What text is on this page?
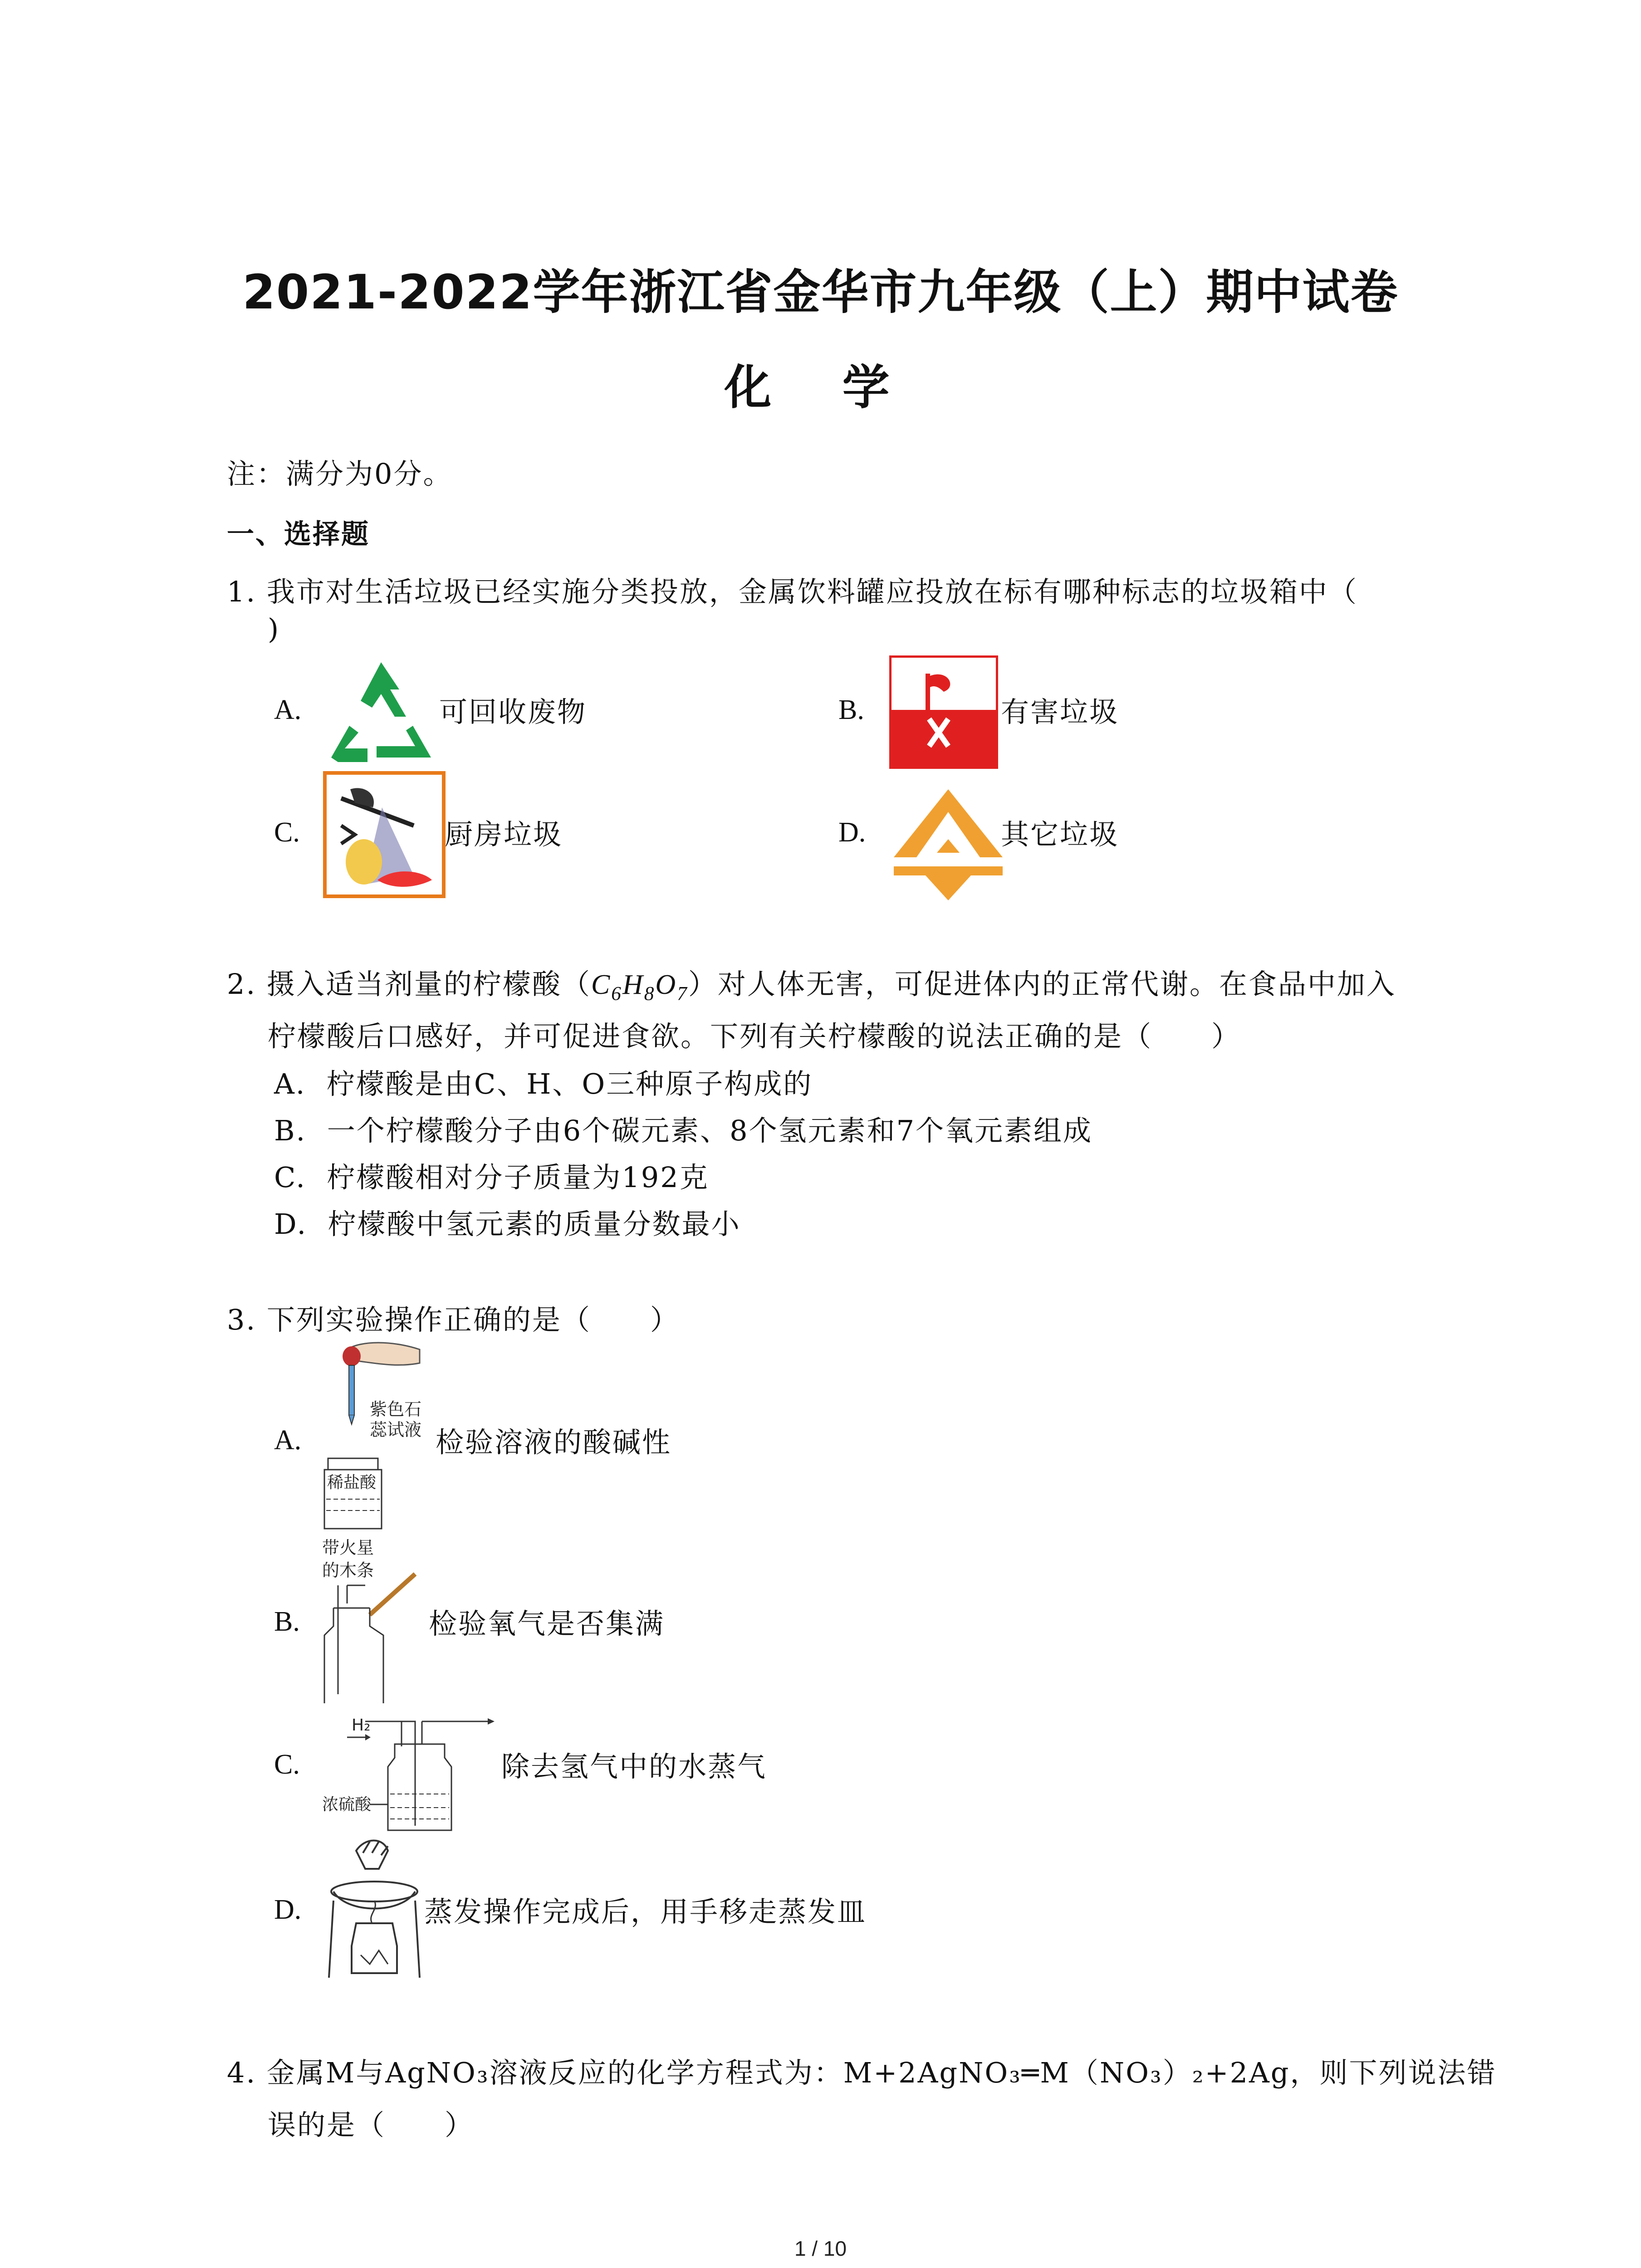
2021-2022学年浙江省金华市九年级（上）期中试卷
化 学
注：满分为0分。
一、选择题
1. 我市对生活垃圾已经实施分类投放，金属饮料罐应投放在标有哪种标志的垃圾箱中（
)
A.	可回收废物	B.	有害垃圾
C.	厨房垃圾	D.	其它垃圾
2. 摄入适当剂量的柠檬酸$(C_6H_8O_7)$对人体无害，可促进体内的正常代谢。在食品中加入
柠檬酸后口感好，并可促进食欲。下列有关柠檬酸的说法正确的是（　　）
A. 柠檬酸是由C、H、O三种原子构成的
B. 一个柠檬酸分子由6个碳元素、8个氢元素和7个氧元素组成
C. 柠檬酸相对分子质量为192克
D. 柠檬酸中氢元素的质量分数最小
3. 下列实验操作正确的是（　　）
A.
紫色石
蕊试液
稀盐酸
检验溶液的酸碱性
B.
带火星
的木条
检验氧气是否集满
C.
H₂
浓硫酸
除去氢气中的水蒸气
D.	蒸发操作完成后，用手移走蒸发皿
4. 金属M与AgNO₃溶液反应的化学方程式为：M+2AgNO₃═M（NO₃）₂+2Ag，则下列说法错
误的是（　　）
1 / 10
